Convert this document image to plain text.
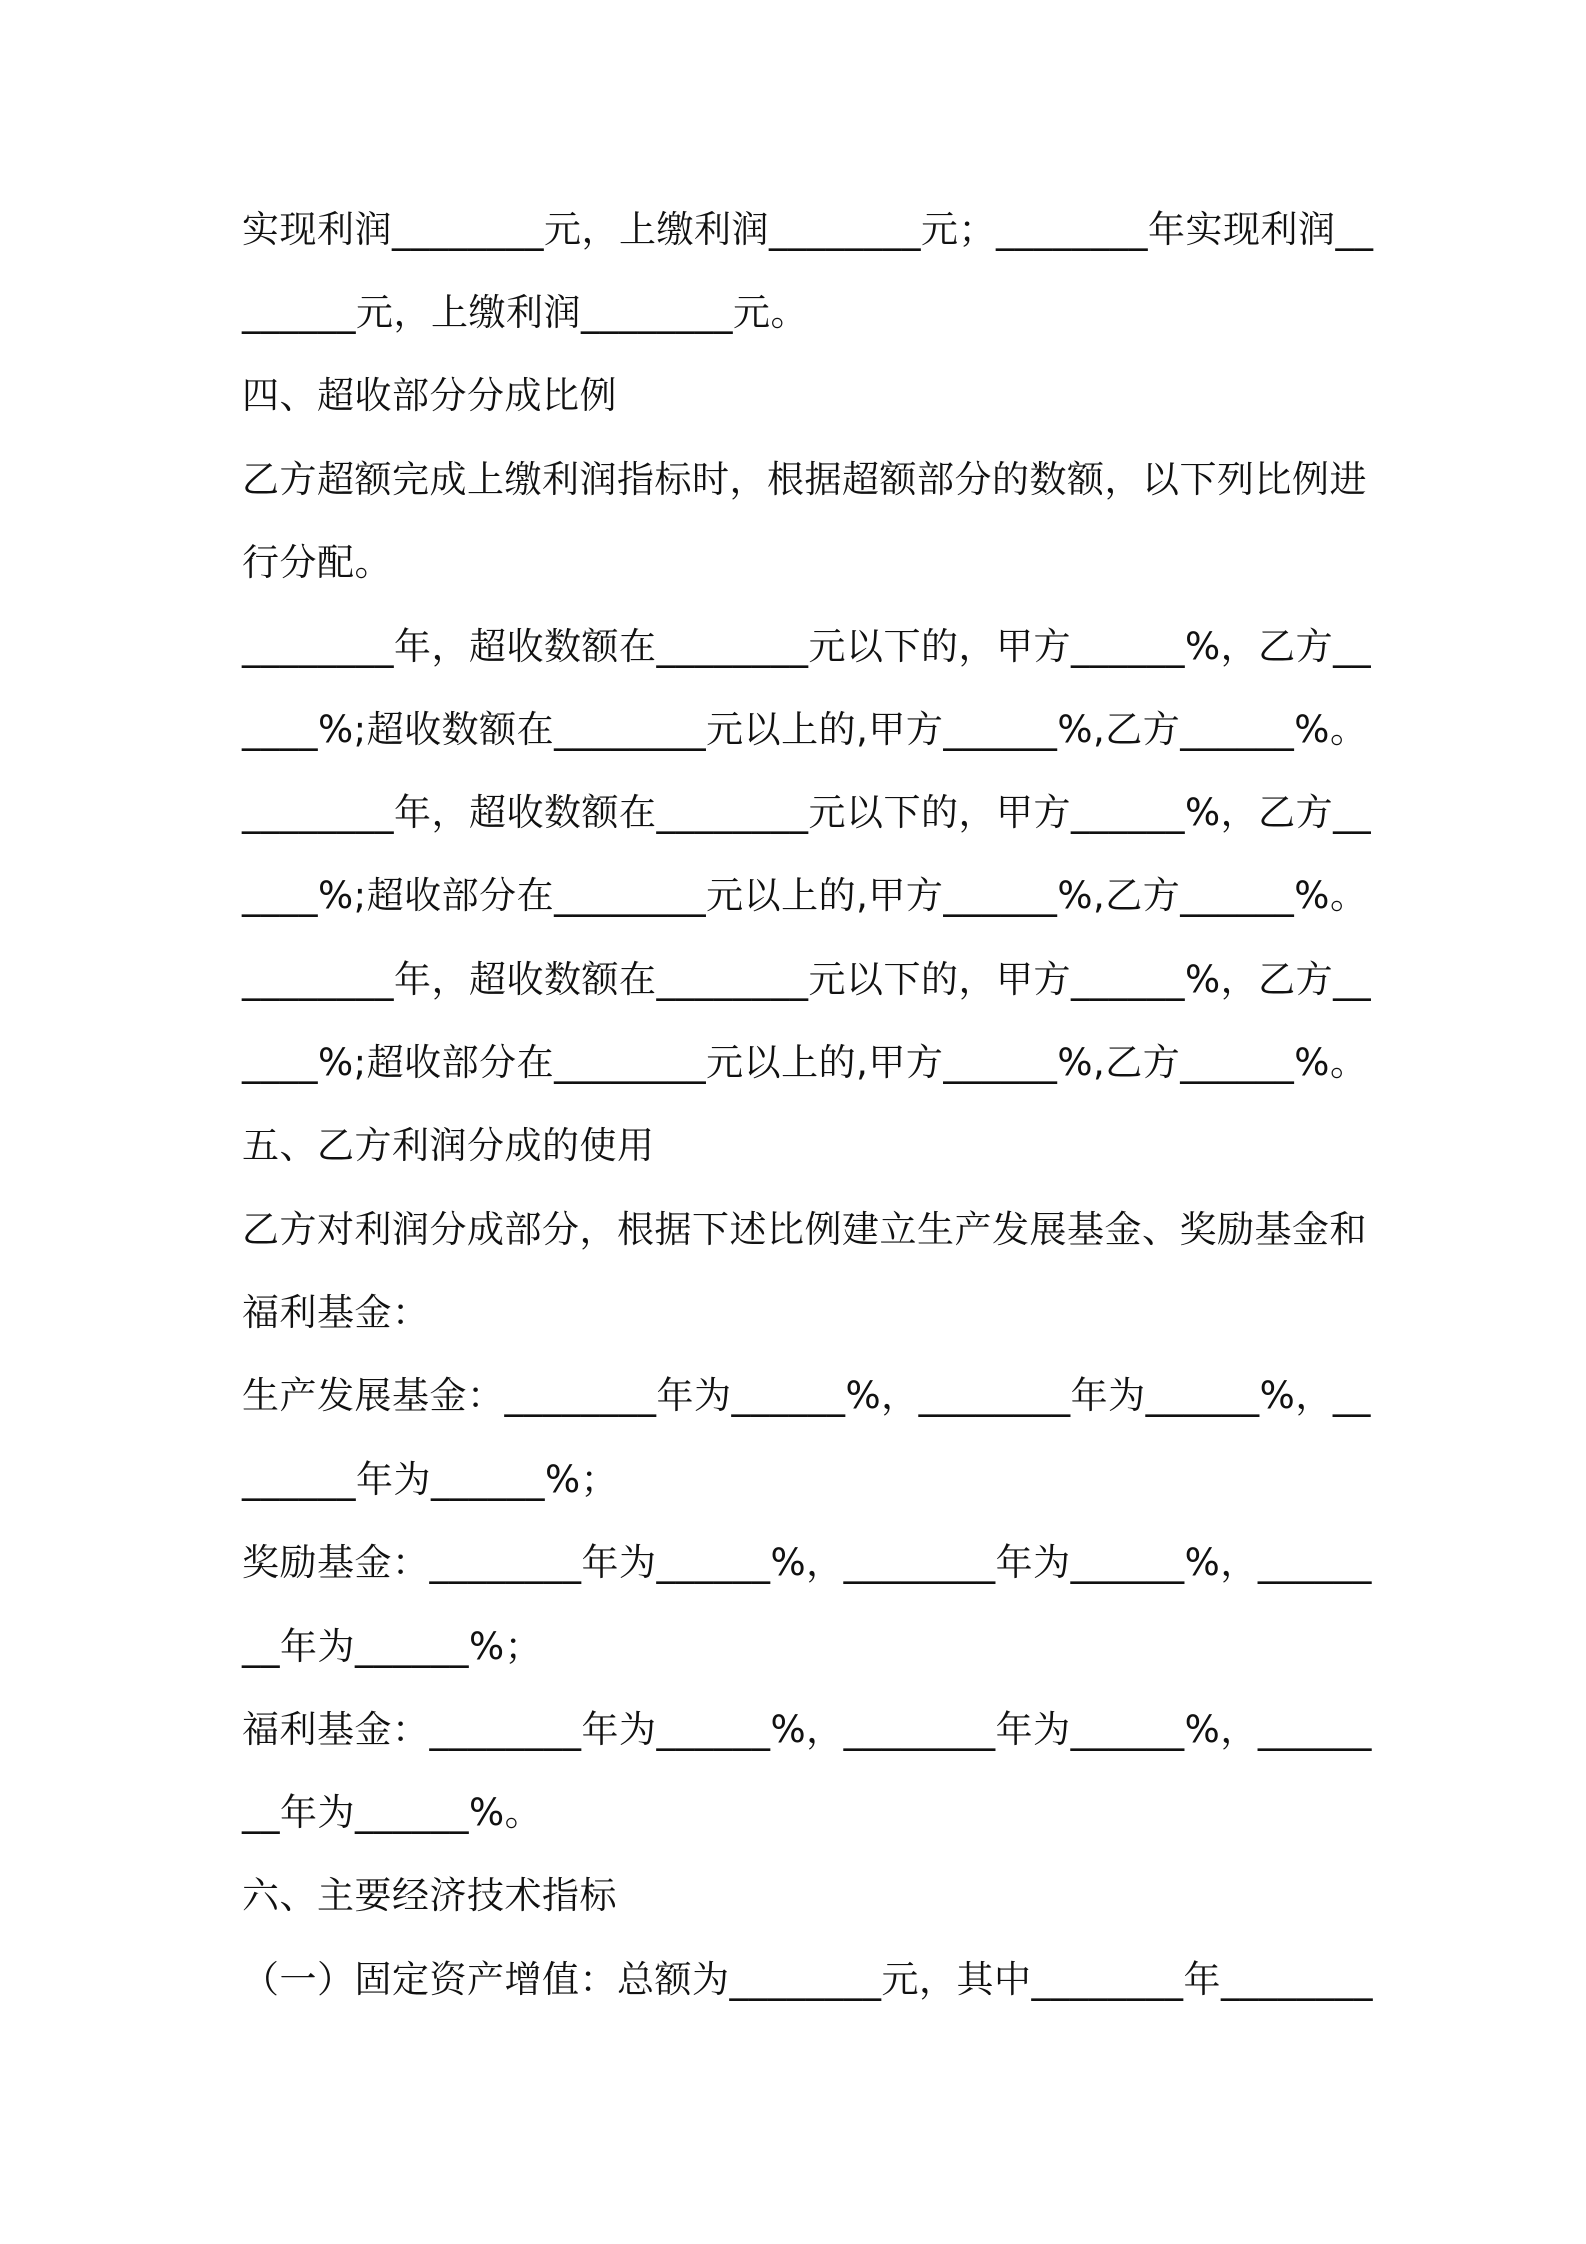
实现利润________元，上缴利润________元；________年实现利润__
______元，上缴利润________元。
四、超收部分分成比例
乙方超额完成上缴利润指标时，根据超额部分的数额，以下列比例进
行分配。
________年，超收数额在________元以下的，甲方______%，乙方__
____%;超收数额在________元以上的,甲方______%,乙方______%。
________年，超收数额在________元以下的，甲方______%，乙方__
____%;超收部分在________元以上的,甲方______%,乙方______%。
________年，超收数额在________元以下的，甲方______%，乙方__
____%;超收部分在________元以上的,甲方______%,乙方______%。
五、乙方利润分成的使用
乙方对利润分成部分，根据下述比例建立生产发展基金、奖励基金和
福利基金：
生产发展基金：________年为______%，________年为______%，__
______年为______%；
奖励基金：________年为______%，________年为______%，______
__年为______%；
福利基金：________年为______%，________年为______%，______
__年为______%。
六、主要经济技术指标
（一）固定资产增值：总额为________元，其中________年________
